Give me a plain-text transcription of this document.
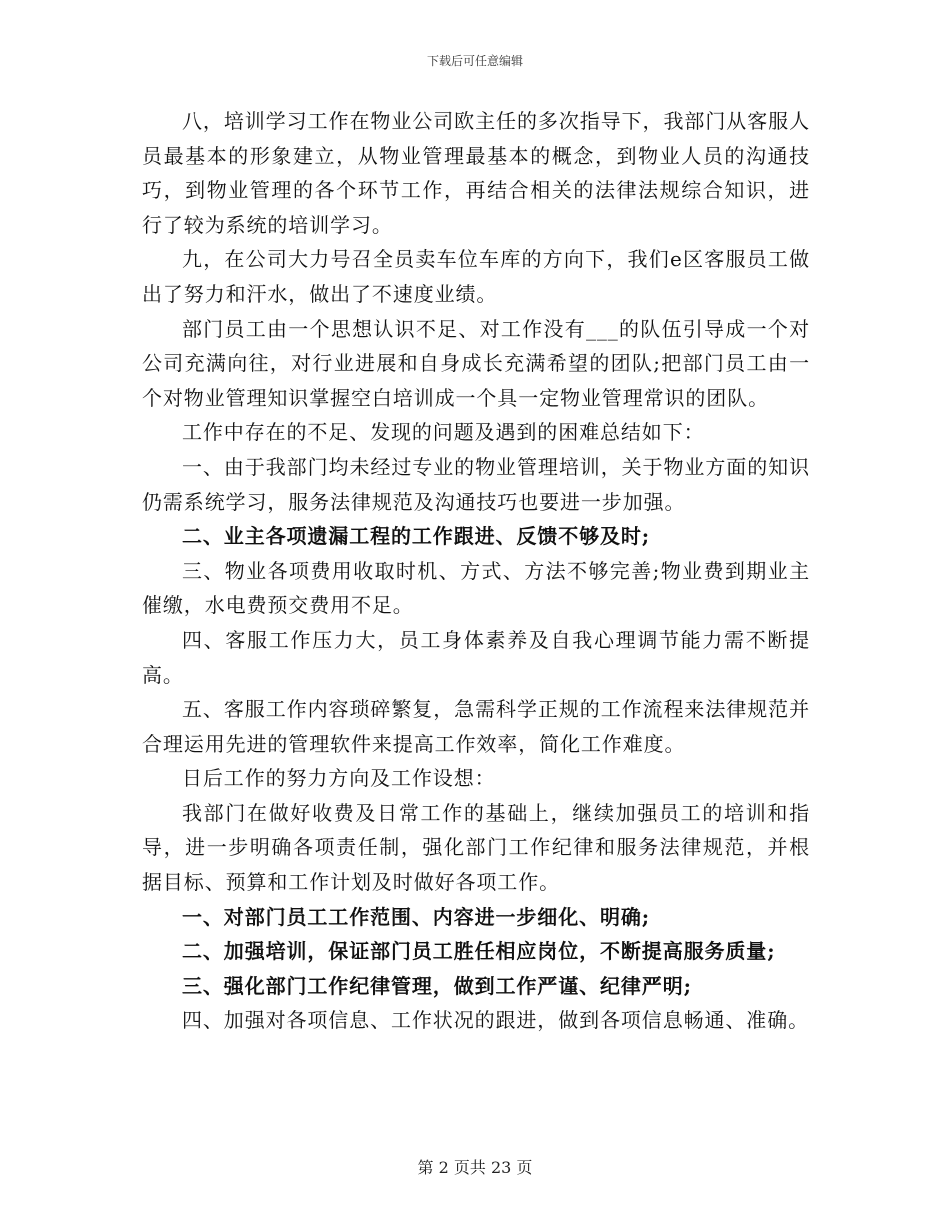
下载后可任意编辑

八，培训学习工作在物业公司欧主任的多次指导下，我部门从客服人员最基本的形象建立，从物业管理最基本的概念，到物业人员的沟通技巧，到物业管理的各个环节工作，再结合相关的法律法规综合知识，进行了较为系统的培训学习。

九，在公司大力号召全员卖车位车库的方向下，我们e区客服员工做出了努力和汗水，做出了不速度业绩。

部门员工由一个思想认识不足、对工作没有___的队伍引导成一个对公司充满向往，对行业进展和自身成长充满希望的团队;把部门员工由一个对物业管理知识掌握空白培训成一个具一定物业管理常识的团队。

工作中存在的不足、发现的问题及遇到的困难总结如下：

一、由于我部门均未经过专业的物业管理培训，关于物业方面的知识仍需系统学习，服务法律规范及沟通技巧也要进一步加强。

二、业主各项遗漏工程的工作跟进、反馈不够及时;

三、物业各项费用收取时机、方式、方法不够完善;物业费到期业主催缴，水电费预交费用不足。

四、客服工作压力大，员工身体素养及自我心理调节能力需不断提高。

五、客服工作内容琐碎繁复，急需科学正规的工作流程来法律规范并合理运用先进的管理软件来提高工作效率，简化工作难度。

日后工作的努力方向及工作设想：

我部门在做好收费及日常工作的基础上，继续加强员工的培训和指导，进一步明确各项责任制，强化部门工作纪律和服务法律规范，并根据目标、预算和工作计划及时做好各项工作。

一、对部门员工工作范围、内容进一步细化、明确;

二、加强培训，保证部门员工胜任相应岗位，不断提高服务质量;

三、强化部门工作纪律管理，做到工作严谨、纪律严明;

四、加强对各项信息、工作状况的跟进，做到各项信息畅通、准确。

第 2 页共 23 页
